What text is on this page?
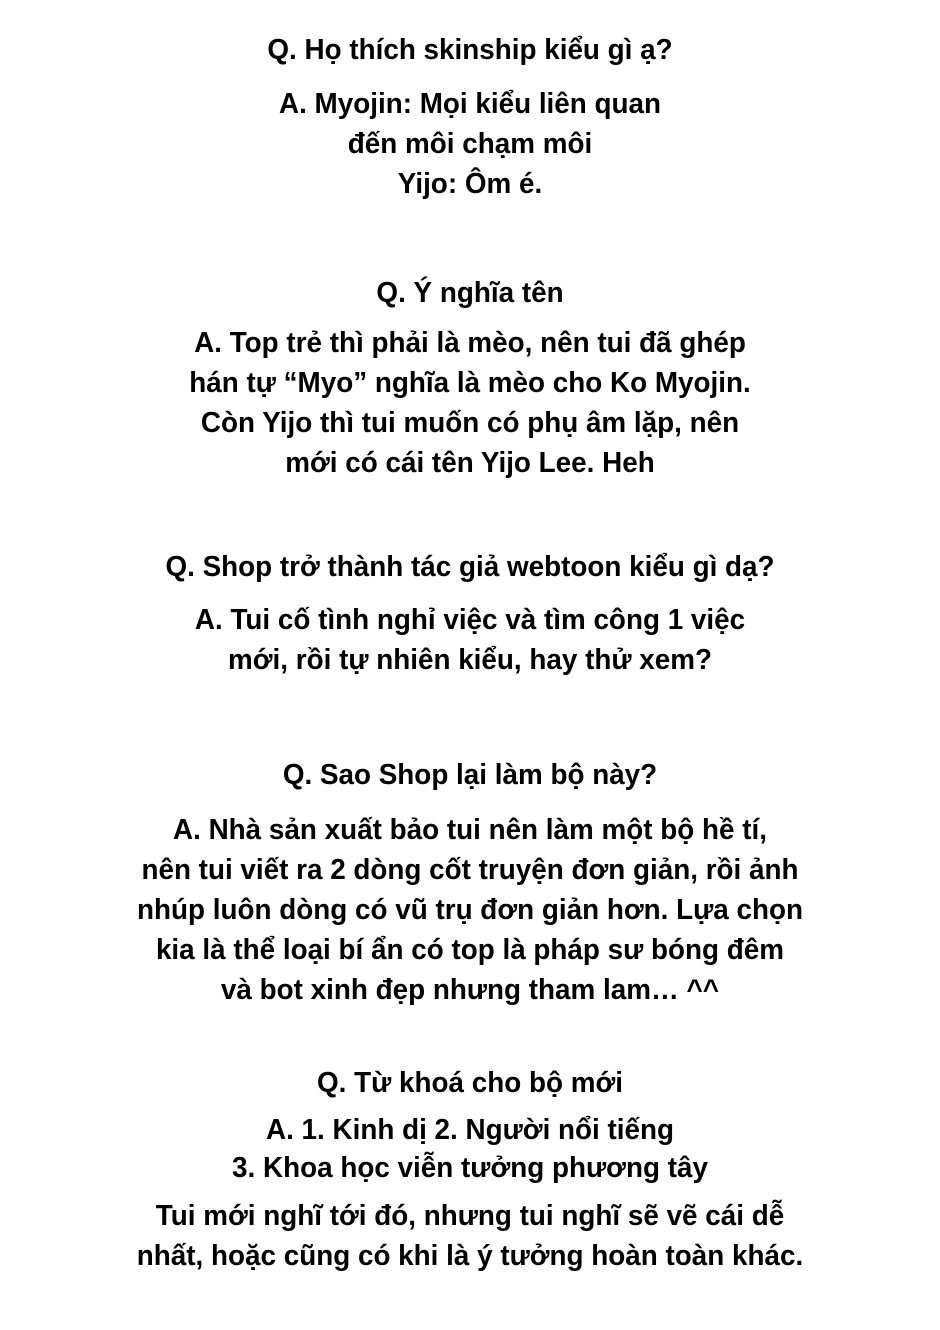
Q. Họ thích skinship kiểu gì ạ?
A. Myojin: Mọi kiểu liên quan
đến môi chạm môi
Yijo: Ôm é.
Q. Ý nghĩa tên
A. Top trẻ thì phải là mèo, nên tui đã ghép
hán tự “Myo” nghĩa là mèo cho Ko Myojin.
Còn Yijo thì tui muốn có phụ âm lặp, nên
mới có cái tên Yijo Lee. Heh
Q. Shop trở thành tác giả webtoon kiểu gì dạ?
A. Tui cố tình nghỉ việc và tìm công 1 việc
mới, rồi tự nhiên kiểu, hay thử xem?
Q. Sao Shop lại làm bộ này?
A. Nhà sản xuất bảo tui nên làm một bộ hề tí,
nên tui viết ra 2 dòng cốt truyện đơn giản, rồi ảnh
nhúp luôn dòng có vũ trụ đơn giản hơn. Lựa chọn
kia là thể loại bí ẩn có top là pháp sư bóng đêm
và bot xinh đẹp nhưng tham lam… ^^
Q. Từ khoá cho bộ mới
A. 1. Kinh dị 2. Người nổi tiếng
3. Khoa học viễn tưởng phương tây
Tui mới nghĩ tới đó, nhưng tui nghĩ sẽ vẽ cái dễ
nhất, hoặc cũng có khi là ý tưởng hoàn toàn khác.
